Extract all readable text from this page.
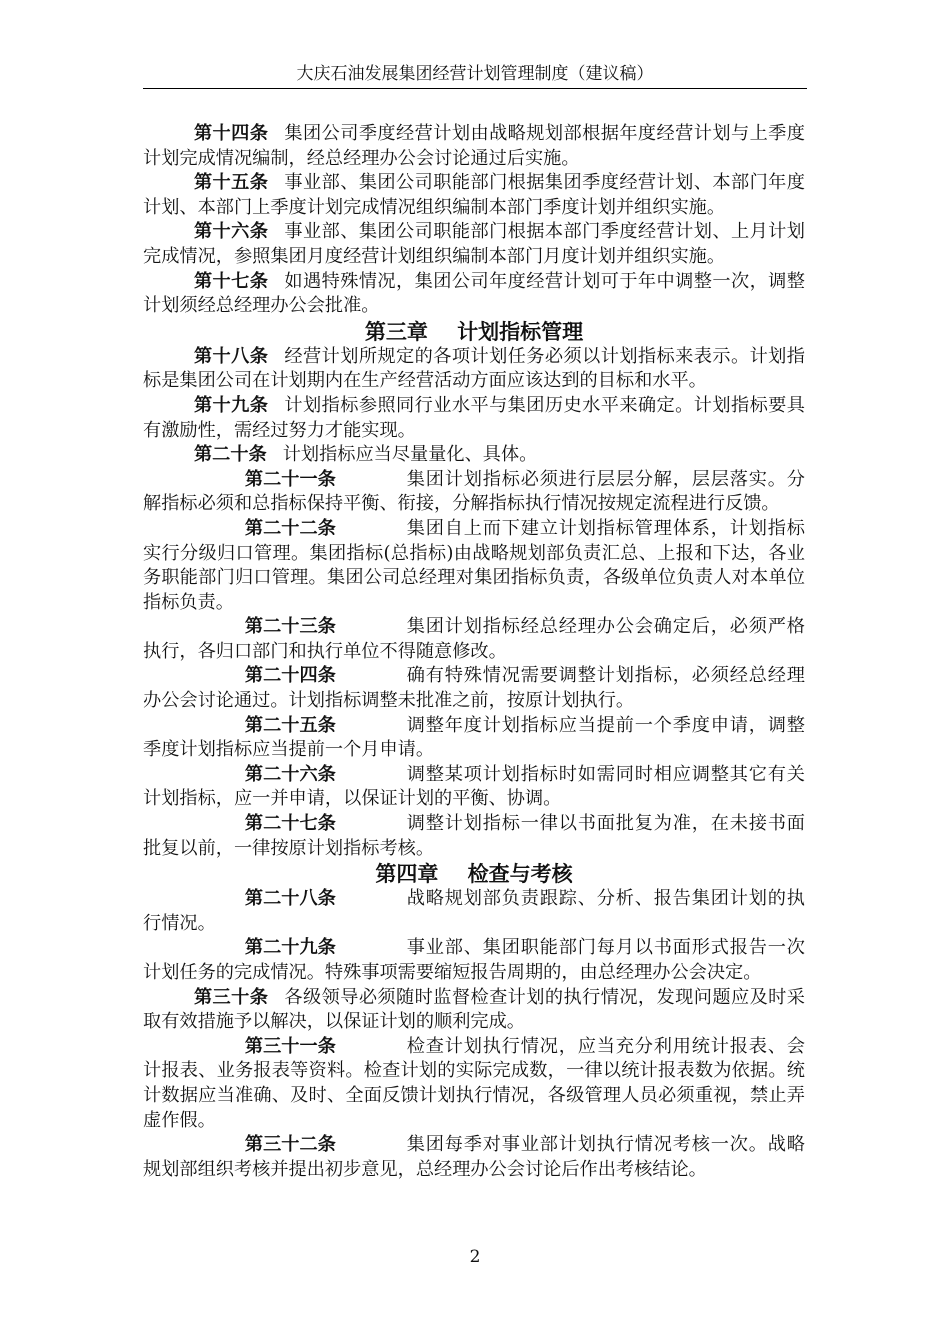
大庆石油发展集团经营计划管理制度（建议稿）

第十四条 集团公司季度经营计划由战略规划部根据年度经营计划与上季度计划完成情况编制，经总经理办公会讨论通过后实施。

第十五条 事业部、集团公司职能部门根据集团季度经营计划、本部门年度计划、本部门上季度计划完成情况组织编制本部门季度计划并组织实施。

第十六条 事业部、集团公司职能部门根据本部门季度经营计划、上月计划完成情况，参照集团月度经营计划组织编制本部门月度计划并组织实施。

第十七条 如遇特殊情况，集团公司年度经营计划可于年中调整一次，调整计划须经总经理办公会批准。

第三章    计划指标管理

第十八条 经营计划所规定的各项计划任务必须以计划指标来表示。计划指标是集团公司在计划期内在生产经营活动方面应该达到的目标和水平。

第十九条 计划指标参照同行业水平与集团历史水平来确定。计划指标要具有激励性，需经过努力才能实现。

第二十条 计划指标应当尽量量化、具体。

第二十一条	集团计划指标必须进行层层分解，层层落实。分解指标必须和总指标保持平衡、衔接，分解指标执行情况按规定流程进行反馈。

第二十二条	集团自上而下建立计划指标管理体系，计划指标实行分级归口管理。集团指标(总指标)由战略规划部负责汇总、上报和下达，各业务职能部门归口管理。集团公司总经理对集团指标负责，各级单位负责人对本单位指标负责。

第二十三条	集团计划指标经总经理办公会确定后，必须严格执行，各归口部门和执行单位不得随意修改。

第二十四条	确有特殊情况需要调整计划指标，必须经总经理办公会讨论通过。计划指标调整未批准之前，按原计划执行。

第二十五条	调整年度计划指标应当提前一个季度申请，调整季度计划指标应当提前一个月申请。

第二十六条	调整某项计划指标时如需同时相应调整其它有关计划指标，应一并申请，以保证计划的平衡、协调。

第二十七条	调整计划指标一律以书面批复为准，在未接书面批复以前，一律按原计划指标考核。

第四章    检查与考核

第二十八条	战略规划部负责跟踪、分析、报告集团计划的执行情况。

第二十九条	事业部、集团职能部门每月以书面形式报告一次计划任务的完成情况。特殊事项需要缩短报告周期的，由总经理办公会决定。

第三十条 各级领导必须随时监督检查计划的执行情况，发现问题应及时采取有效措施予以解决，以保证计划的顺利完成。

第三十一条	检查计划执行情况，应当充分利用统计报表、会计报表、业务报表等资料。检查计划的实际完成数，一律以统计报表数为依据。统计数据应当准确、及时、全面反馈计划执行情况，各级管理人员必须重视，禁止弄虚作假。

第三十二条	集团每季对事业部计划执行情况考核一次。战略规划部组织考核并提出初步意见，总经理办公会讨论后作出考核结论。

2
